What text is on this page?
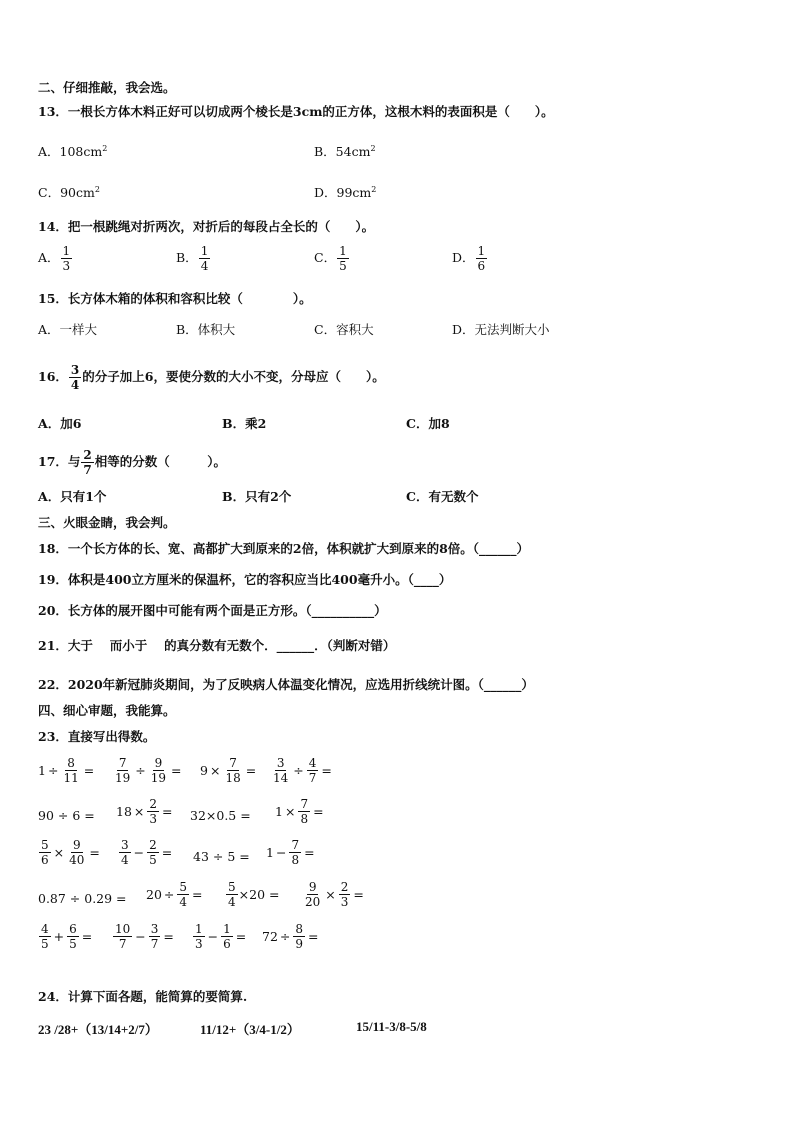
二、仔细推敲，我会选。
13．一根长方体木料正好可以切成两个棱长是3cm的正方体，这根木料的表面积是（　　）。
A．$108cm^2$	B．$54cm^2$
C．$90cm^2$	D．$99cm^2$
14．把一根跳绳对折两次，对折后的每段占全长的（　　）。
A． $\frac{1}{3}$	B． $\frac{1}{4}$	C． $\frac{1}{5}$	D． $\frac{1}{6}$
15．长方体木箱的体积和容积比较（　　　　）。
A．一样大	B．体积大	C．容积大	D．无法判断大小
16． $\frac{3}{4}$ 的分子加上6，要使分数的大小不变，分母应（　　）。
A．加6	B．乘2	C．加8
17．与 $\frac{2}{7}$ 相等的分数（　　　）。
A．只有1个	B．只有2个	C．有无数个
三、火眼金睛，我会判。
18．一个长方体的长、宽、高都扩大到原来的2倍，体积就扩大到原来的8倍。（______）
19．体积是400立方厘米的保温杯，它的容积应当比400毫升小。（____）
20．长方体的展开图中可能有两个面是正方形。（__________）
21．大于　 而小于　 的真分数有无数个．______．（判断对错）
22．2020年新冠肺炎期间，为了反映病人体温变化情况，应选用折线统计图。（______）
四、细心审题，我能算。
23．直接写出得数。
$1 \div \frac{8}{11} = \frac{7}{19} \div \frac{9}{19} = 9 \times \frac{7}{18} = \frac{3}{14} \div \frac{4}{7}$ =
$90 \div 6 = 18 \times \frac{2}{3} = 32\times 0.5 = 1 \times \frac{7}{8}$ =
$\frac{5}{6} \times \frac{9}{40} = \frac{3}{4} - \frac{2}{5} = 43 \div 5 = 1 - \frac{7}{8}$ =
$0.87 \div 0.29 = 20 \div \frac{5}{4} = \frac{5}{4} \times 20 = \frac{9}{20} \times \frac{2}{3}$ =
$\frac{4}{5} + \frac{6}{5} = \frac{10}{7} - \frac{3}{7} = \frac{1}{3} - \frac{1}{6} = 72 \div \frac{8}{9}$ =
24．计算下面各题，能简算的要简算.
23 /28+（13/14+2/7）	11/12+（3/4-1/2）	15/11-3/8-5/8
